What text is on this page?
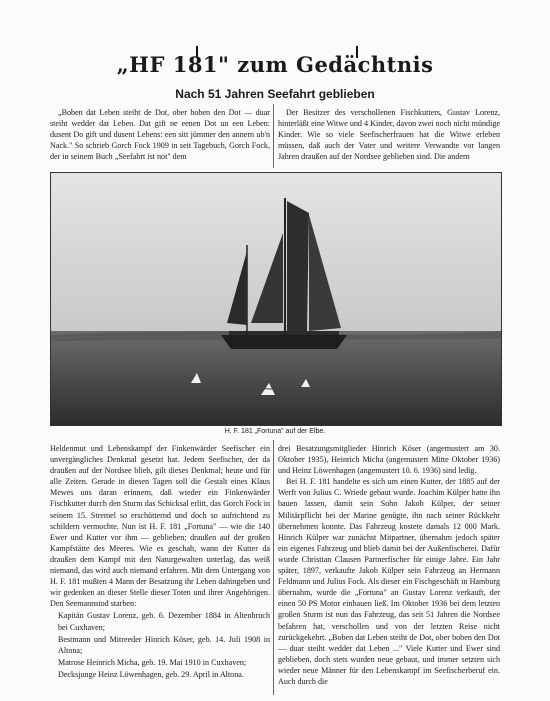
„HF 181" zum Gedächtnis
Nach 51 Jahren Seefahrt geblieben

„Boben dat Leben steiht de Dot, ober boben den Dot — duar steiht wedder dat Leben. Dat gift ne eenen Dot un een Leben: dusent Do gift und dusent Lebens: een sitt jümmer den annern ub'n Nack." So schrieb Gorch Fock 1909 in seit Tagebuch, Gorch Fock, der in seinem Buch „Seefahrt ist not" dem

Der Besitzer des verschollenen Fischkutters, Gustav Lorenz, hinterläßt eine Witwe und 4 Kinder, davon zwei noch nicht mündige Kinder. Wie so viele Seefischerfrauen hat die Witwe erleben müssen, daß auch der Vater und weitere Verwandte vor langen Jahren draußen auf der Nordsee geblieben sind. Die andern

H. F. 181 „Fortuna" auf der Elbe.

Heldenmut und Lebenskampf der Finkenwärder Seefischer ein unvergängliches Denkmal gesetzt hat. Jedem Seefischer, der da draußen auf der Nordsee blieb, gilt dieses Denkmal; heute und für alle Zeiten. Gerade in diesen Tagen soll die Gestalt eines Klaus Mewes uns daran erinnern, daß wieder ein Finkenwärder Fischkutter durch den Sturm das Schicksal erlitt, das Gorch Fock in seinem 15. Stremel so erschütternd und doch so aufrichtend zu schildern vermochte. Nun ist H. F. 181 „Fortuna" — wie die 140 Ewer und Kutter vor ihm — geblieben; draußen auf der großen Kampfstätte des Meeres. Wie es geschah, wann der Kutter da draußen dem Kampf mit den Naturgewalten unterlag, das weiß niemand, das wird auch niemand erfahren. Mit dem Untergang von H. F. 181 mußten 4 Mann der Besatzung ihr Leben dahingeben und wir gedenken an dieser Stelle dieser Toten und ihrer Angehörigen. Den Seemannstod starben:

Kapitän Gustav Lorenz, geb. 6. Dezember 1884 in Altenbruch bei Cuxhaven;

Bestmann und Mitreeder Hinrich Köser, geb. 14. Juli 1908 in Altona;

Matrose Heinrich Micha, geb. 19. Mai 1910 in Cuxhaven;

Decksjunge Heinz Löwenhagen, geb. 29. April in Altona.

drei Besatzungsmitglieder Hinrich Köser (angemustert am 30. Oktober 1935), Heinrich Micha (angemustert Mitte Oktober 1936) und Heinz Löwenhagen (angemustert 10. 6. 1936) sind ledig.

Bei H. F. 181 handelte es sich um einen Kutter, der 1885 auf der Werft von Julius C. Wriede gebaut wurde. Joachim Külper hatte ihn bauen lassen, damit sein Sohn Jakob Külper, der seiner Militärpflicht bei der Marine genügte, ihn nach seiner Rückkehr übernehmen konnte. Das Fahrzeug kostete damals 12 000 Mark. Hinrich Külper war zunächst Mitpartner, übernahm jedoch später ein eigenes Fahrzeug und blieb damit bei der Außenfischerei. Dafür wurde Christian Clausen Partnerfischer für einige Jahre. Ein Jahr später, 1897, verkaufte Jakob Külper sein Fahrzeug an Hermann Feldmann und Julius Fock. Als dieser ein Fischgeschäft in Hamburg übernahm, wurde die „Fortuna" an Gustav Lorenz verkauft, der einen 50 PS Motor einbauen ließ. Im Oktober 1936 bei dem letzten großen Sturm ist nun das Fahrzeug, das seit 51 Jahren die Nordsee befahren hat, verschollen und von der letzten Reise nicht zurückgekehrt. „Boben dat Leben steiht de Dot, ober boben den Dot — duar steiht wedder dat Leben ..." Viele Kutter und Ewer sind geblieben, doch stets wurden neue gebaut, und immer setzten sich wieder neue Männer für den Lebenskampf im Seefischerberuf ein. Auch durch die
